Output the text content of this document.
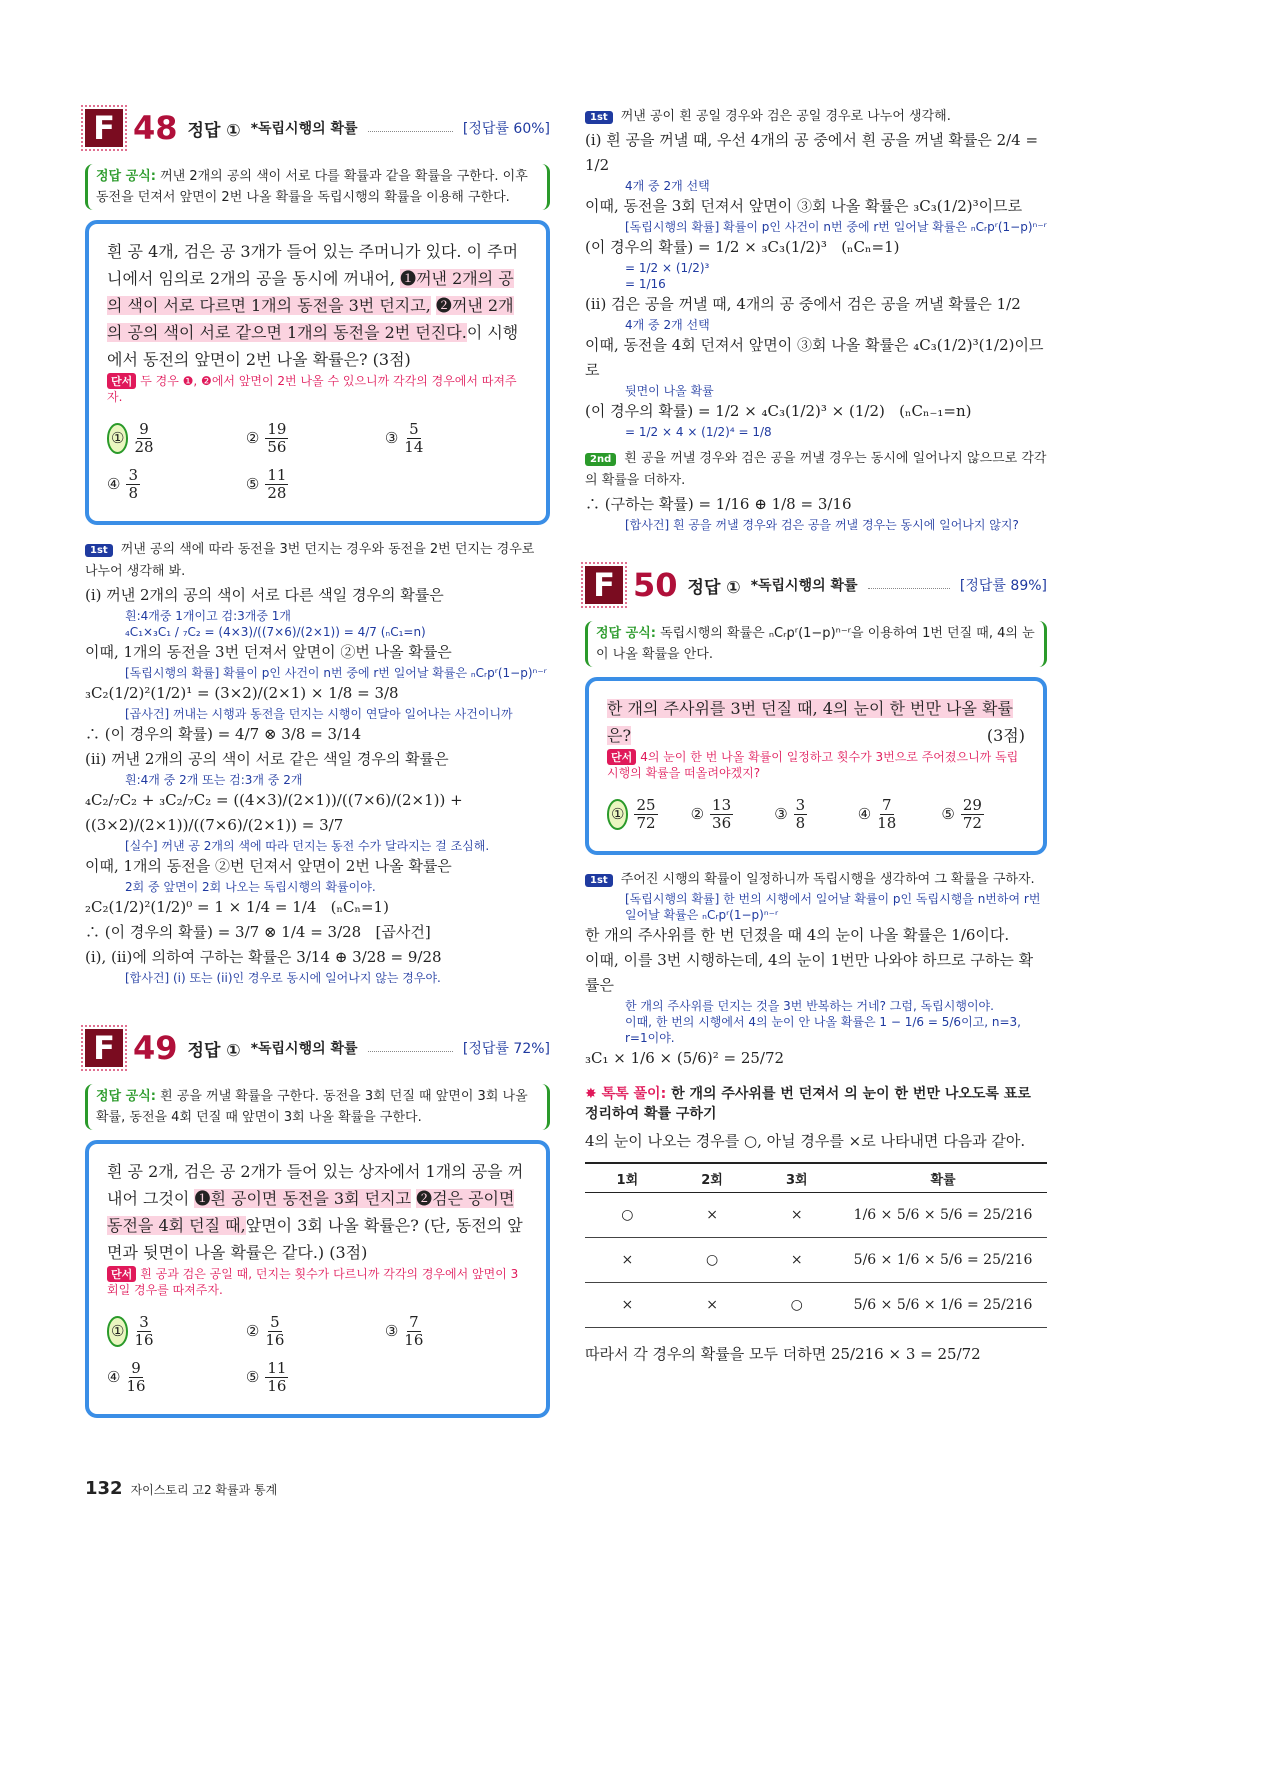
F 48 정답 ① *독립시행의 확률	[정답률 60%]
정답 공식: 꺼낸 2개의 공의 색이 서로 다를 확률과 같을 확률을 구한다. 이후 동전을 던져서 앞면이 2번 나올 확률을 독립시행의 확률을 이용해 구한다.
흰 공 4개, 검은 공 3개가 들어 있는 주머니가 있다. 이 주머니에서 임의로 2개의 공을 동시에 꺼내어, ❶꺼낸 2개의 공의 색이 서로 다르면 1개의 동전을 3번 던지고, ❷꺼낸 2개의 공의 색이 서로 같으면 1개의 동전을 2번 던진다.이 시행에서 동전의 앞면이 2번 나올 확률은? (3점)
단서 두 경우 ❶, ❷에서 앞면이 2번 나올 수 있으니까 각각의 경우에서 따져주자.
① $\frac{9}{28}$	② $\frac{19}{56}$	③ $\frac{5}{14}$
④ $\frac{3}{8}$	⑤ $\frac{11}{28}$
1st 꺼낸 공의 색에 따라 동전을 3번 던지는 경우와 동전을 2번 던지는 경우로 나누어 생각해 봐.
(i) 꺼낸 2개의 공의 색이 서로 다른 색일 경우의 확률은
흰:4개중 1개이고 검:3개중 1개
₄C₁×₃C₁ / ₇C₂ = (4×3)/((7×6)/(2×1)) = 4/7 (ₙC₁=n)
이때, 1개의 동전을 3번 던져서 앞면이 ②번 나올 확률은
[독립시행의 확률] 확률이 p인 사건이 n번 중에 r번 일어날 확률은 ₙCᵣpʳ(1−p)ⁿ⁻ʳ
₃C₂(1/2)²(1/2)¹ = (3×2)/(2×1) × 1/8 = 3/8
[곱사건] 꺼내는 시행과 동전을 던지는 시행이 연달아 일어나는 사건이니까
∴ (이 경우의 확률) = 4/7 ⊗ 3/8 = 3/14
(ii) 꺼낸 2개의 공의 색이 서로 같은 색일 경우의 확률은
흰:4개 중 2개 또는 검:3개 중 2개
₄C₂/₇C₂ + ₃C₂/₇C₂ = ((4×3)/(2×1))/((7×6)/(2×1)) + ((3×2)/(2×1))/((7×6)/(2×1)) = 3/7
[실수] 꺼낸 공 2개의 색에 따라 던지는 동전 수가 달라지는 걸 조심해.
이때, 1개의 동전을 ②번 던져서 앞면이 2번 나올 확률은
2회 중 앞면이 2회 나오는 독립시행의 확률이야.
₂C₂(1/2)²(1/2)⁰ = 1 × 1/4 = 1/4   (ₙCₙ=1)
∴ (이 경우의 확률) = 3/7 ⊗ 1/4 = 3/28   [곱사건]
(i), (ii)에 의하여 구하는 확률은 3/14 ⊕ 3/28 = 9/28
[합사건] (i) 또는 (ii)인 경우로 동시에 일어나지 않는 경우야.
F 49 정답 ① *독립시행의 확률	[정답률 72%]
정답 공식: 흰 공을 꺼낼 확률을 구한다. 동전을 3회 던질 때 앞면이 3회 나올 확률, 동전을 4회 던질 때 앞면이 3회 나올 확률을 구한다.
흰 공 2개, 검은 공 2개가 들어 있는 상자에서 1개의 공을 꺼내어 그것이 ❶흰 공이면 동전을 3회 던지고 ❷검은 공이면 동전을 4회 던질 때,앞면이 3회 나올 확률은? (단, 동전의 앞면과 뒷면이 나올 확률은 같다.) (3점)
단서 흰 공과 검은 공일 때, 던지는 횟수가 다르니까 각각의 경우에서 앞면이 3회일 경우를 따져주자.
① $\frac{3}{16}$	② $\frac{5}{16}$	③ $\frac{7}{16}$
④ $\frac{9}{16}$	⑤ $\frac{11}{16}$
1st 꺼낸 공이 흰 공일 경우와 검은 공일 경우로 나누어 생각해.
(i) 흰 공을 꺼낼 때, 우선 4개의 공 중에서 흰 공을 꺼낼 확률은 2/4 = 1/2
4개 중 2개 선택
이때, 동전을 3회 던져서 앞면이 ③회 나올 확률은 ₃C₃(1/2)³이므로
[독립시행의 확률] 확률이 p인 사건이 n번 중에 r번 일어날 확률은 ₙCᵣpʳ(1−p)ⁿ⁻ʳ
(이 경우의 확률) = 1/2 × ₃C₃(1/2)³   (ₙCₙ=1)
= 1/2 × (1/2)³
= 1/16
(ii) 검은 공을 꺼낼 때, 4개의 공 중에서 검은 공을 꺼낼 확률은 1/2
4개 중 2개 선택
이때, 동전을 4회 던져서 앞면이 ③회 나올 확률은 ₄C₃(1/2)³(1/2)이므로
뒷면이 나올 확률
(이 경우의 확률) = 1/2 × ₄C₃(1/2)³ × (1/2)   (ₙCₙ₋₁=n)
= 1/2 × 4 × (1/2)⁴ = 1/8
2nd 흰 공을 꺼낼 경우와 검은 공을 꺼낼 경우는 동시에 일어나지 않으므로 각각의 확률을 더하자.
∴ (구하는 확률) = 1/16 ⊕ 1/8 = 3/16
[합사건] 흰 공을 꺼낼 경우와 검은 공을 꺼낼 경우는 동시에 일어나지 않지?
F 50 정답 ① *독립시행의 확률	[정답률 89%]
정답 공식: 독립시행의 확률은 ₙCᵣpʳ(1−p)ⁿ⁻ʳ을 이용하여 1번 던질 때, 4의 눈이 나올 확률을 안다.
한 개의 주사위를 3번 던질 때, 4의 눈이 한 번만 나올 확률은?	(3점)
단서 4의 눈이 한 번 나올 확률이 일정하고 횟수가 3번으로 주어졌으니까 독립시행의 확률을 떠올려야겠지?
① $\frac{25}{72}$ ② $\frac{13}{36}$	③ $\frac{3}{8}$	④ $\frac{7}{18}$	⑤ $\frac{29}{72}$
1st 주어진 시행의 확률이 일정하니까 독립시행을 생각하여 그 확률을 구하자.
[독립시행의 확률] 한 번의 시행에서 일어날 확률이 p인 독립시행을 n번하여 r번 일어날 확률은 ₙCᵣpʳ(1−p)ⁿ⁻ʳ
한 개의 주사위를 한 번 던졌을 때 4의 눈이 나올 확률은 1/6이다.
이때, 이를 3번 시행하는데, 4의 눈이 1번만 나와야 하므로 구하는 확률은
한 개의 주사위를 던지는 것을 3번 반복하는 거네? 그럼, 독립시행이야.
이때, 한 번의 시행에서 4의 눈이 안 나올 확률은 1 − 1/6 = 5/6이고, n=3, r=1이야.
₃C₁ × 1/6 × (5/6)² = 25/72
✸ 톡톡 풀이: 한 개의 주사위를 번 던져서 의 눈이 한 번만 나오도록 표로 정리하여 확률 구하기
4의 눈이 나오는 경우를 ○, 아닐 경우를 ×로 나타내면 다음과 같아.
1회	2회	3회	확률
○	×	×	1/6 × 5/6 × 5/6 = 25/216
×	○	×	5/6 × 1/6 × 5/6 = 25/216
×	×	○	5/6 × 5/6 × 1/6 = 25/216
따라서 각 경우의 확률을 모두 더하면 25/216 × 3 = 25/72
132 자이스토리 고2 확률과 통계
